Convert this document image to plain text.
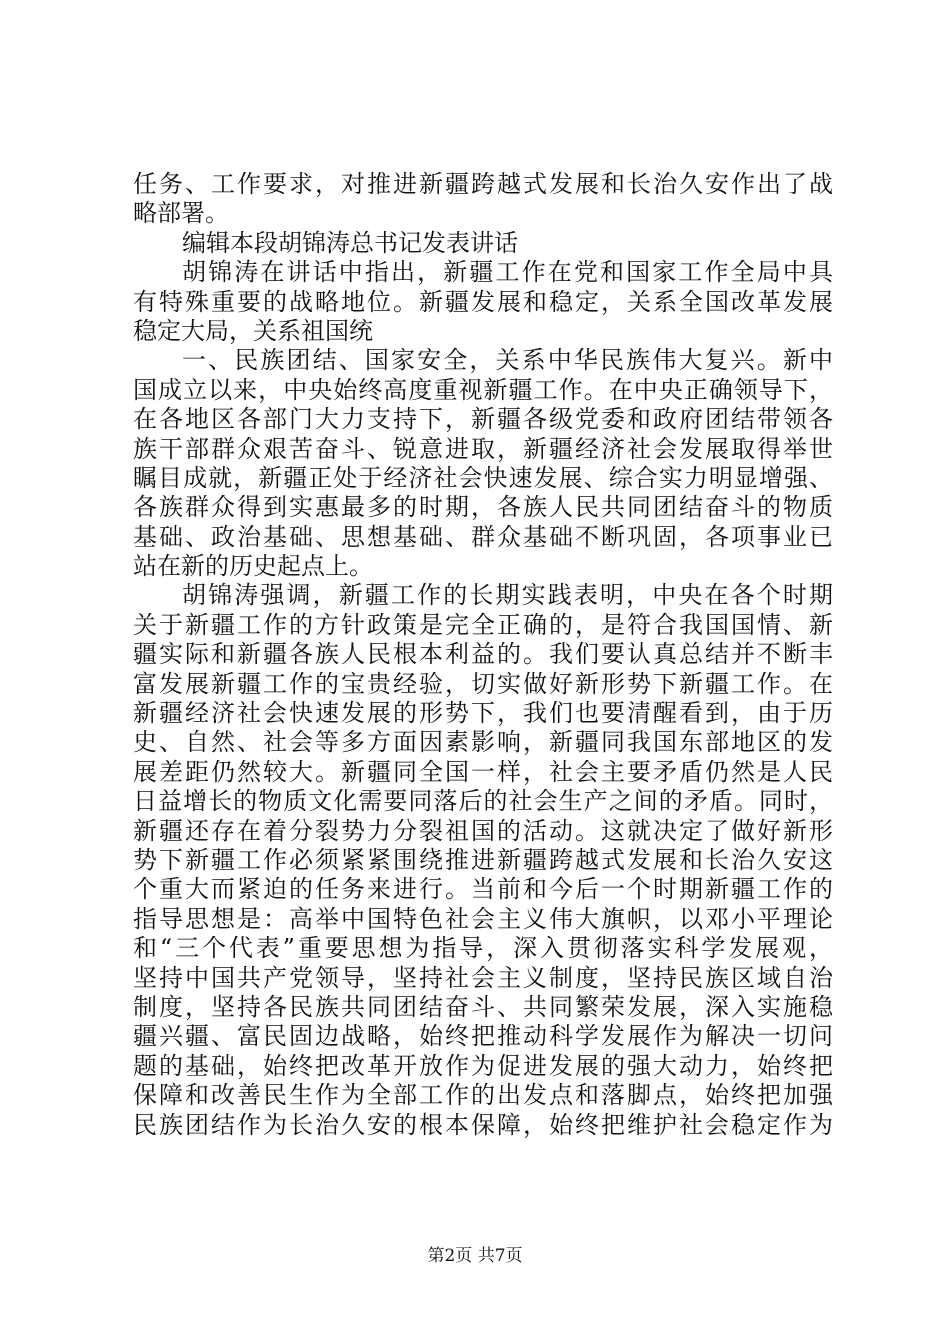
任务、工作要求，对推进新疆跨越式发展和长治久安作出了战
略部署。
编辑本段胡锦涛总书记发表讲话
胡锦涛在讲话中指出，新疆工作在党和国家工作全局中具
有特殊重要的战略地位。新疆发展和稳定，关系全国改革发展
稳定大局，关系祖国统
一、民族团结、国家安全，关系中华民族伟大复兴。新中
国成立以来，中央始终高度重视新疆工作。在中央正确领导下，
在各地区各部门大力支持下，新疆各级党委和政府团结带领各
族干部群众艰苦奋斗、锐意进取，新疆经济社会发展取得举世
瞩目成就，新疆正处于经济社会快速发展、综合实力明显增强、
各族群众得到实惠最多的时期，各族人民共同团结奋斗的物质
基础、政治基础、思想基础、群众基础不断巩固，各项事业已
站在新的历史起点上。
胡锦涛强调，新疆工作的长期实践表明，中央在各个时期
关于新疆工作的方针政策是完全正确的，是符合我国国情、新
疆实际和新疆各族人民根本利益的。我们要认真总结并不断丰
富发展新疆工作的宝贵经验，切实做好新形势下新疆工作。在
新疆经济社会快速发展的形势下，我们也要清醒看到，由于历
史、自然、社会等多方面因素影响，新疆同我国东部地区的发
展差距仍然较大。新疆同全国一样，社会主要矛盾仍然是人民
日益增长的物质文化需要同落后的社会生产之间的矛盾。同时，
新疆还存在着分裂势力分裂祖国的活动。这就决定了做好新形
势下新疆工作必须紧紧围绕推进新疆跨越式发展和长治久安这
个重大而紧迫的任务来进行。当前和今后一个时期新疆工作的
指导思想是：高举中国特色社会主义伟大旗帜，以邓小平理论
和“三个代表”重要思想为指导，深入贯彻落实科学发展观，
坚持中国共产党领导，坚持社会主义制度，坚持民族区域自治
制度，坚持各民族共同团结奋斗、共同繁荣发展，深入实施稳
疆兴疆、富民固边战略，始终把推动科学发展作为解决一切问
题的基础，始终把改革开放作为促进发展的强大动力，始终把
保障和改善民生作为全部工作的出发点和落脚点，始终把加强
民族团结作为长治久安的根本保障，始终把维护社会稳定作为
第2页 共7页
